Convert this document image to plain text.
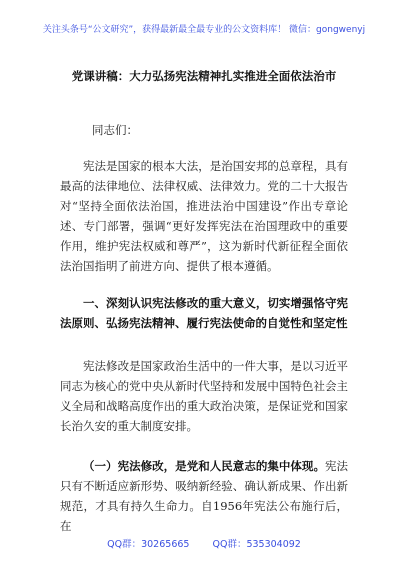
关注头条号“公文研究”，获得最新最全最专业的公文资料库！ 微信：gongwenyj
党课讲稿：大力弘扬宪法精神扎实推进全面依法治市
同志们：

宪法是国家的根本大法，是治国安邦的总章程，具有最高的法律地位、法律权威、法律效力。党的二十大报告对“坚持全面依法治国，推进法治中国建设”作出专章论述、专门部署，强调“更好发挥宪法在治国理政中的重要作用，维护宪法权威和尊严”，这为新时代新征程全面依法治国指明了前进方向、提供了根本遵循。

一、深刻认识宪法修改的重大意义，切实增强恪守宪法原则、弘扬宪法精神、履行宪法使命的自觉性和坚定性

宪法修改是国家政治生活中的一件大事，是以习近平同志为核心的党中央从新时代坚持和发展中国特色社会主义全局和战略高度作出的重大政治决策，是保证党和国家长治久安的重大制度安排。

（一）宪法修改，是党和人民意志的集中体现。宪法只有不断适应新形势、吸纳新经验、确认新成果、作出新规范，才具有持久生命力。自1956年宪法公布施行后，在

QQ群：30265665 QQ群：535304092
